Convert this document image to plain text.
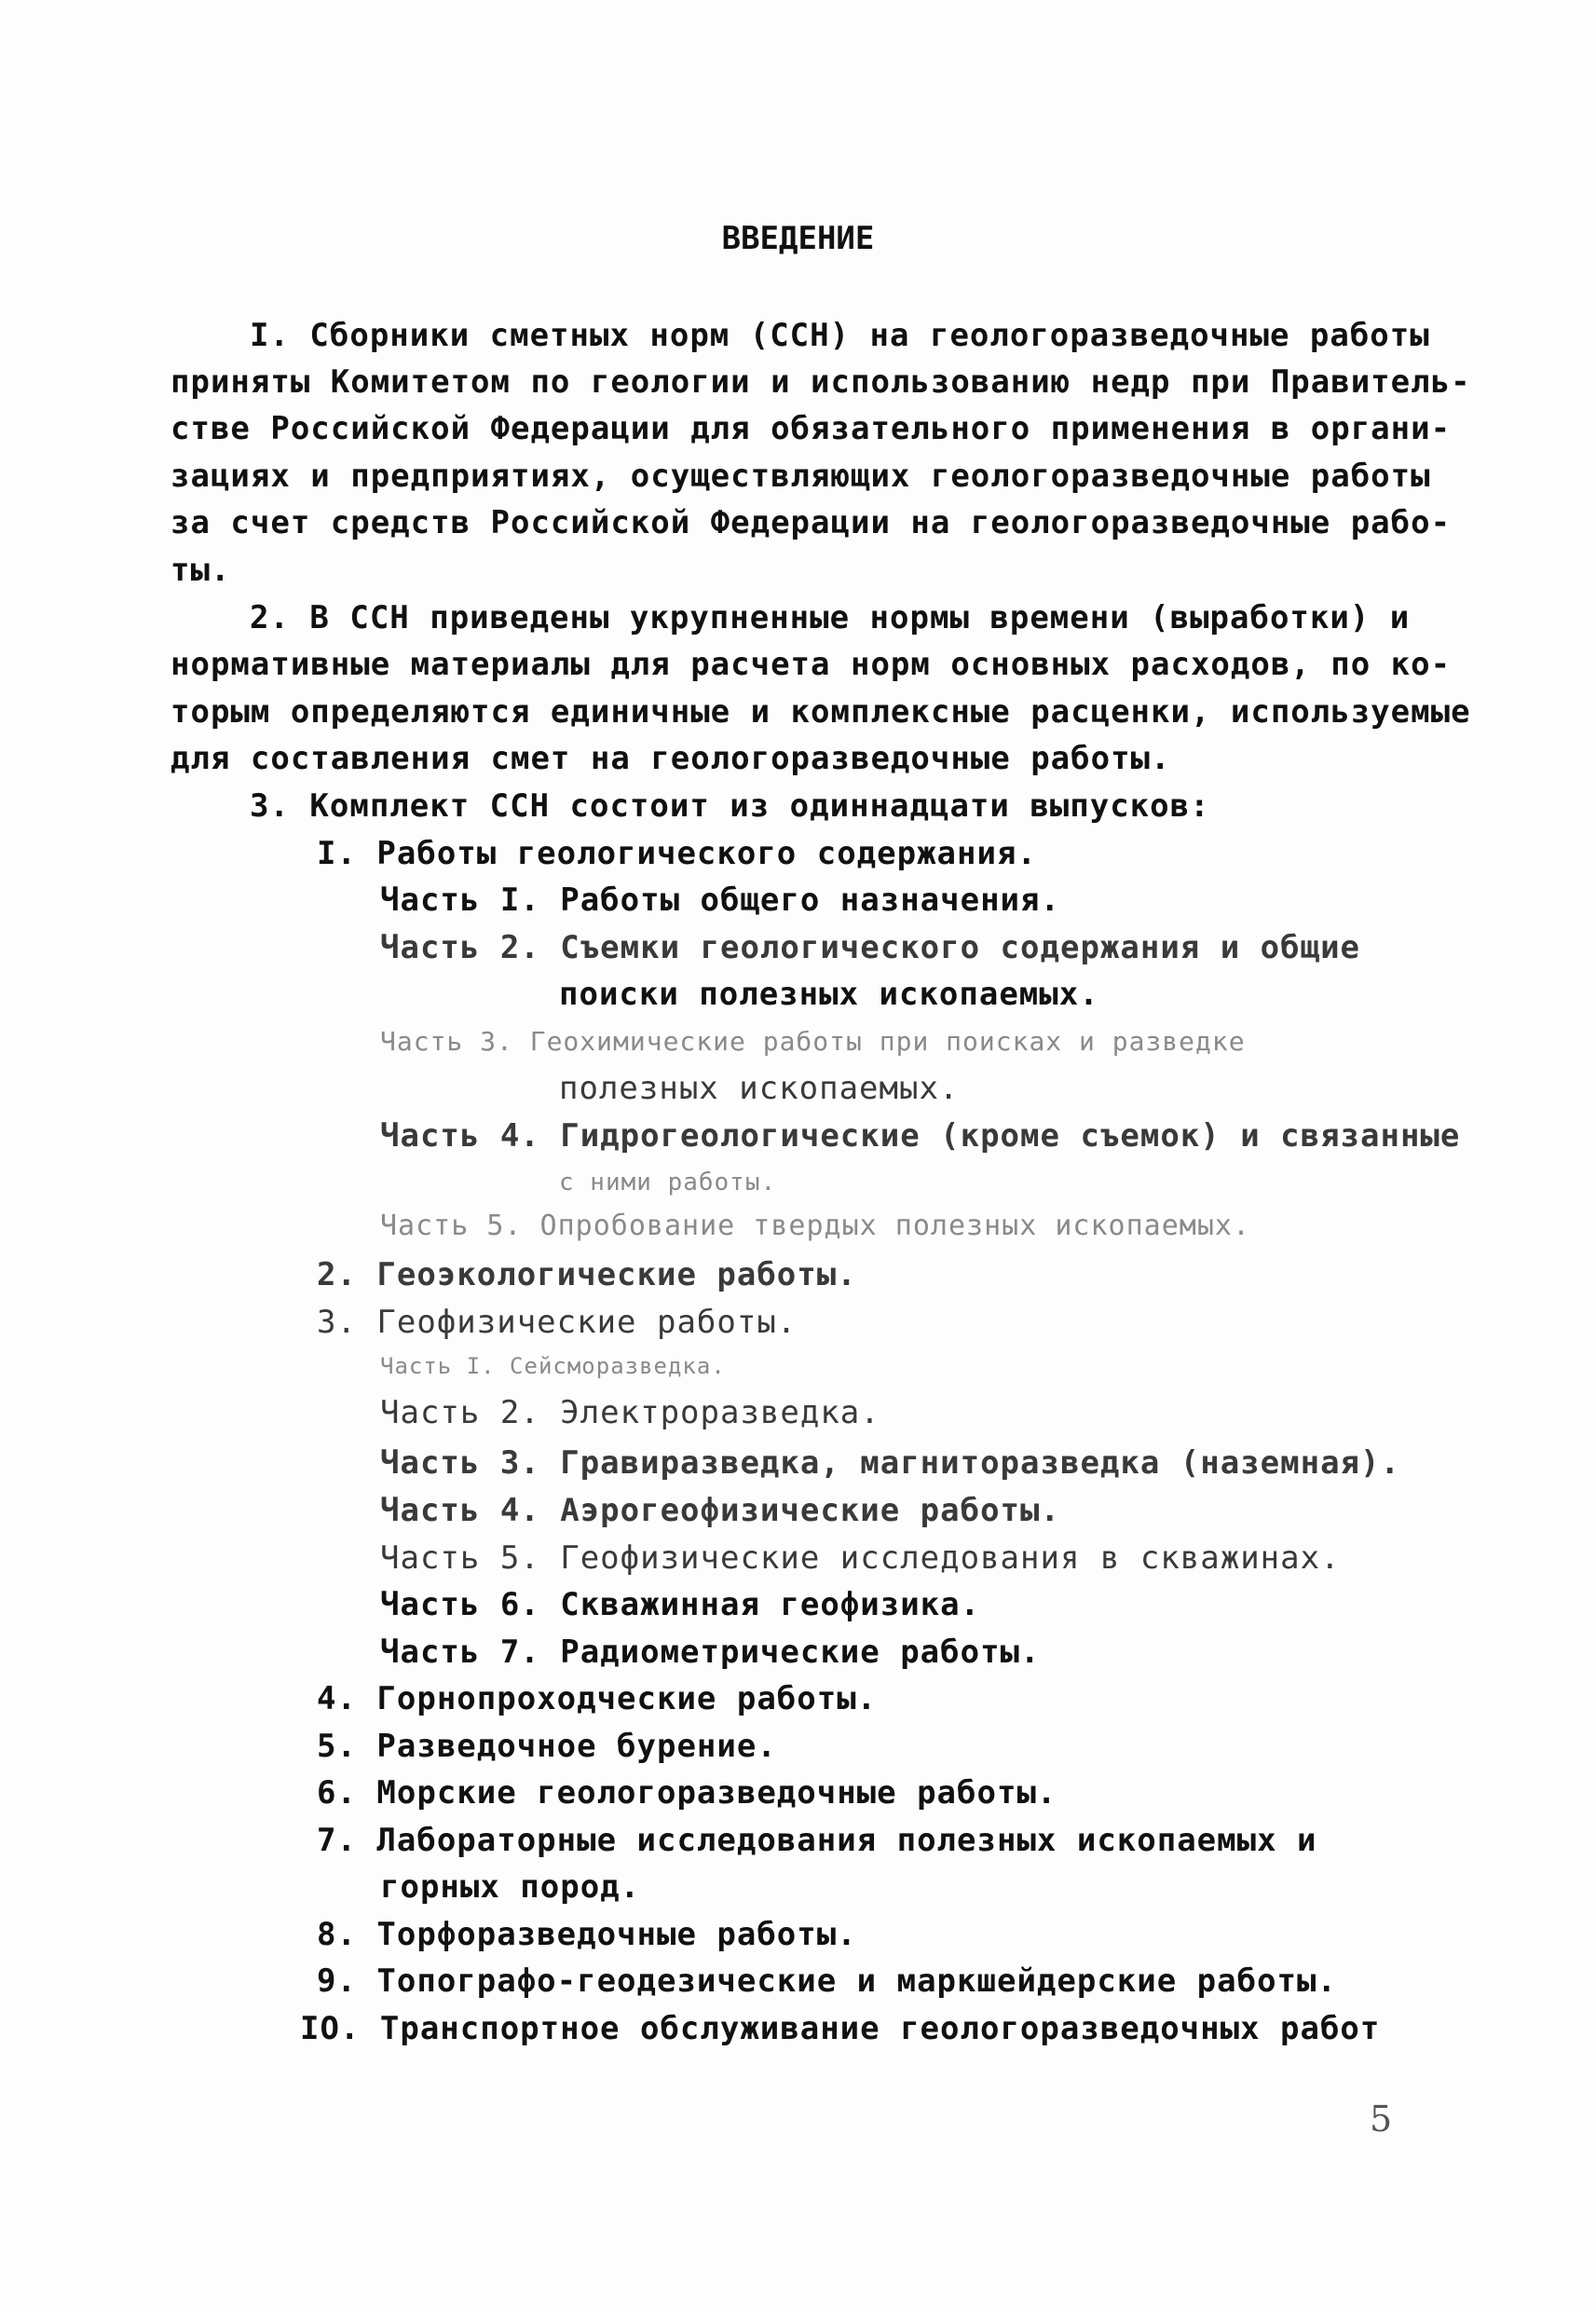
ВВЕДЕНИЕ
I. Сборники сметных норм (ССН) на геологоразведочные работы
приняты Комитетом по геологии и использованию недр при Правитель-
стве Российской Федерации для обязательного применения в органи-
зациях и предприятиях, осуществляющих геологоразведочные работы
за счет средств Российской Федерации на геологоразведочные рабо-
ты.
2. В ССН приведены укрупненные нормы времени (выработки) и
нормативные материалы для расчета норм основных расходов, по ко-
торым определяются единичные и комплексные расценки, используемые
для составления смет на геологоразведочные работы.
3. Комплект ССН состоит из одиннадцати выпусков:
I. Работы геологического содержания.
Часть I. Работы общего назначения.
Часть 2. Съемки геологического содержания и общие
поиски полезных ископаемых.
Часть 3. Геохимические работы при поисках и разведке
полезных ископаемых.
Часть 4. Гидрогеологические (кроме съемок) и связанные
с ними работы.
Часть 5. Опробование твердых полезных ископаемых.
2. Геоэкологические работы.
3. Геофизические работы.
Часть I. Сейсморазведка.
Часть 2. Электроразведка.
Часть 3. Гравиразведка, магниторазведка (наземная).
Часть 4. Аэрогеофизические работы.
Часть 5. Геофизические исследования в скважинах.
Часть 6. Скважинная геофизика.
Часть 7. Радиометрические работы.
4. Горнопроходческие работы.
5. Разведочное бурение.
6. Морские геологоразведочные работы.
7. Лабораторные исследования полезных ископаемых и
горных пород.
8. Торфоразведочные работы.
9. Топографо-геодезические и маркшейдерские работы.
IO. Транспортное обслуживание геологоразведочных работ
5
